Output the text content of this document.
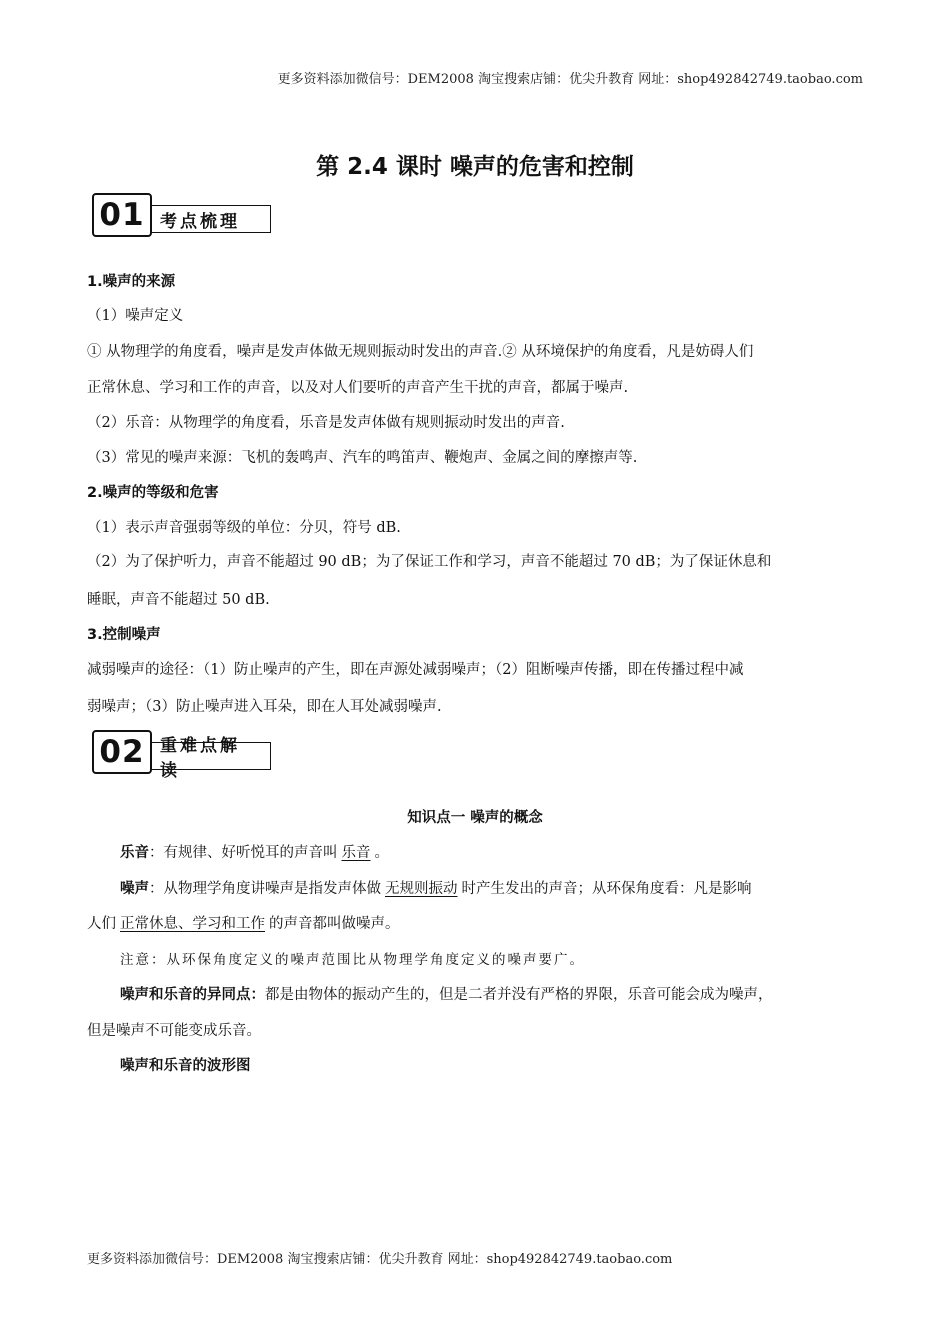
更多资料添加微信号：DEM2008 淘宝搜索店铺：优尖升教育 网址：shop492842749.taobao.com
第 2.4 课时 噪声的危害和控制
01 考点梳理
1.噪声的来源
（1）噪声定义
① 从物理学的角度看，噪声是发声体做无规则振动时发出的声音.② 从环境保护的角度看，凡是妨碍人们
正常休息、学习和工作的声音，以及对人们要听的声音产生干扰的声音，都属于噪声.
（2）乐音：从物理学的角度看，乐音是发声体做有规则振动时发出的声音.
（3）常见的噪声来源：飞机的轰鸣声、汽车的鸣笛声、鞭炮声、金属之间的摩擦声等.
2.噪声的等级和危害
（1）表示声音强弱等级的单位：分贝，符号 dB.
（2）为了保护听力，声音不能超过 90 dB；为了保证工作和学习，声音不能超过 70 dB；为了保证休息和
睡眠，声音不能超过 50 dB.
3.控制噪声
减弱噪声的途径：（1）防止噪声的产生，即在声源处减弱噪声；（2）阻断噪声传播，即在传播过程中减
弱噪声；（3）防止噪声进入耳朵，即在人耳处减弱噪声.
02 重难点解读
知识点一 噪声的概念
乐音：有规律、好听悦耳的声音叫 乐音 。
噪声：从物理学角度讲噪声是指发声体做 无规则振动 时产生发出的声音；从环保角度看：凡是影响
人们 正常休息、学习和工作 的声音都叫做噪声。
注意：从环保角度定义的噪声范围比从物理学角度定义的噪声要广。
噪声和乐音的异同点：都是由物体的振动产生的，但是二者并没有严格的界限，乐音可能会成为噪声，
但是噪声不可能变成乐音。
噪声和乐音的波形图
更多资料添加微信号：DEM2008 淘宝搜索店铺：优尖升教育 网址：shop492842749.taobao.com
